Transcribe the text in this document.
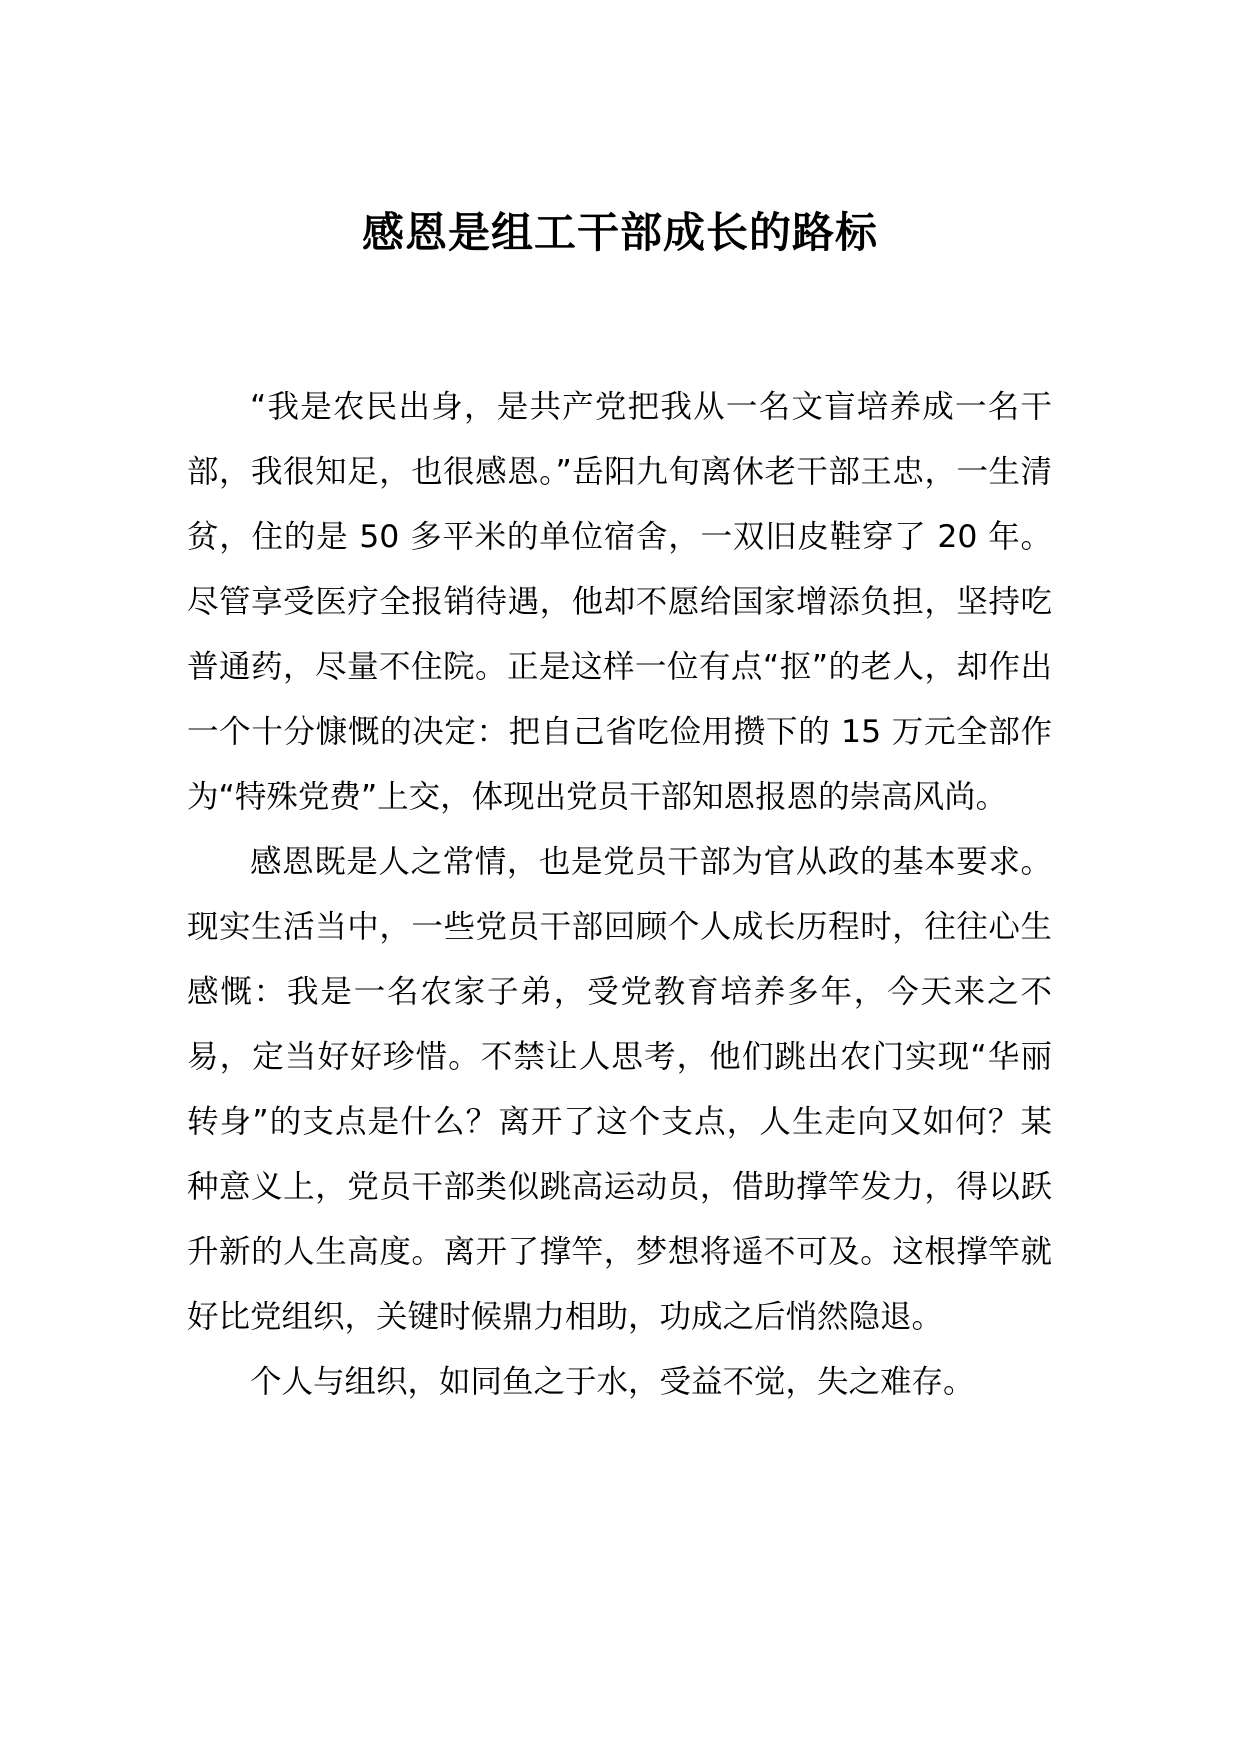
感恩是组工干部成长的路标

“我是农民出身，是共产党把我从一名文盲培养成一名干部，我很知足，也很感恩。”岳阳九旬离休老干部王忠，一生清贫，住的是 50 多平米的单位宿舍，一双旧皮鞋穿了 20 年。尽管享受医疗全报销待遇，他却不愿给国家增添负担，坚持吃普通药，尽量不住院。正是这样一位有点“抠”的老人，却作出一个十分慷慨的决定：把自己省吃俭用攒下的 15 万元全部作为“特殊党费”上交，体现出党员干部知恩报恩的崇高风尚。

感恩既是人之常情，也是党员干部为官从政的基本要求。现实生活当中，一些党员干部回顾个人成长历程时，往往心生感慨：我是一名农家子弟，受党教育培养多年，今天来之不易，定当好好珍惜。不禁让人思考，他们跳出农门实现“华丽转身”的支点是什么？离开了这个支点，人生走向又如何？某种意义上，党员干部类似跳高运动员，借助撑竿发力，得以跃升新的人生高度。离开了撑竿，梦想将遥不可及。这根撑竿就好比党组织，关键时候鼎力相助，功成之后悄然隐退。

个人与组织，如同鱼之于水，受益不觉，失之难存。
